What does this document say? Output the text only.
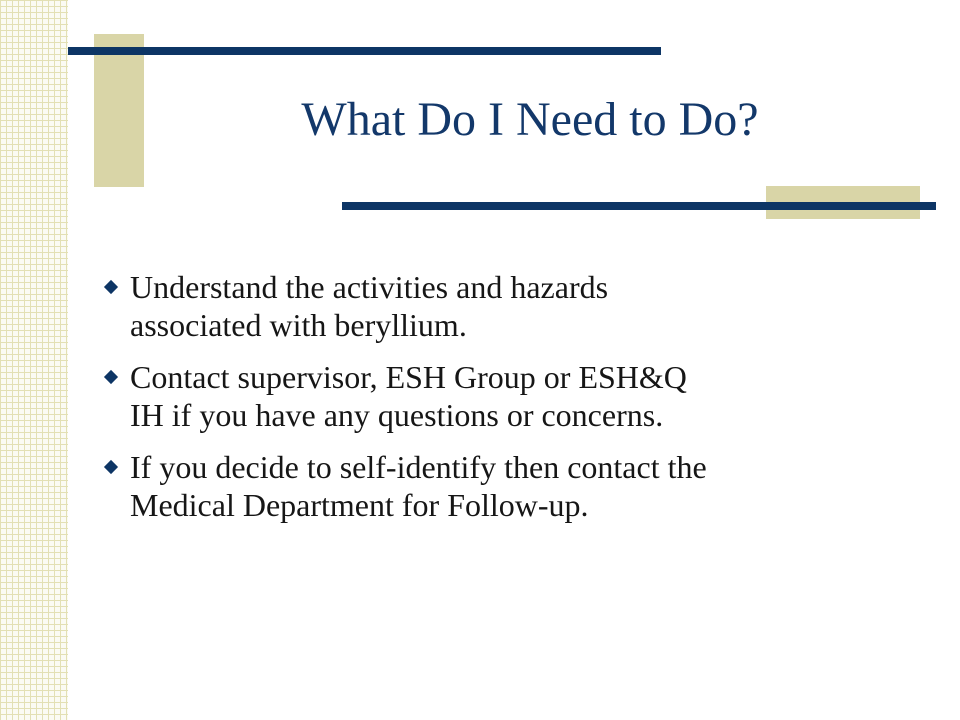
What Do I Need to Do?
Understand the activities and hazards
associated with beryllium.
Contact supervisor, ESH Group or ESH&Q
IH if you have any questions or concerns.
If you decide to self-identify then contact the
Medical Department for Follow-up.
